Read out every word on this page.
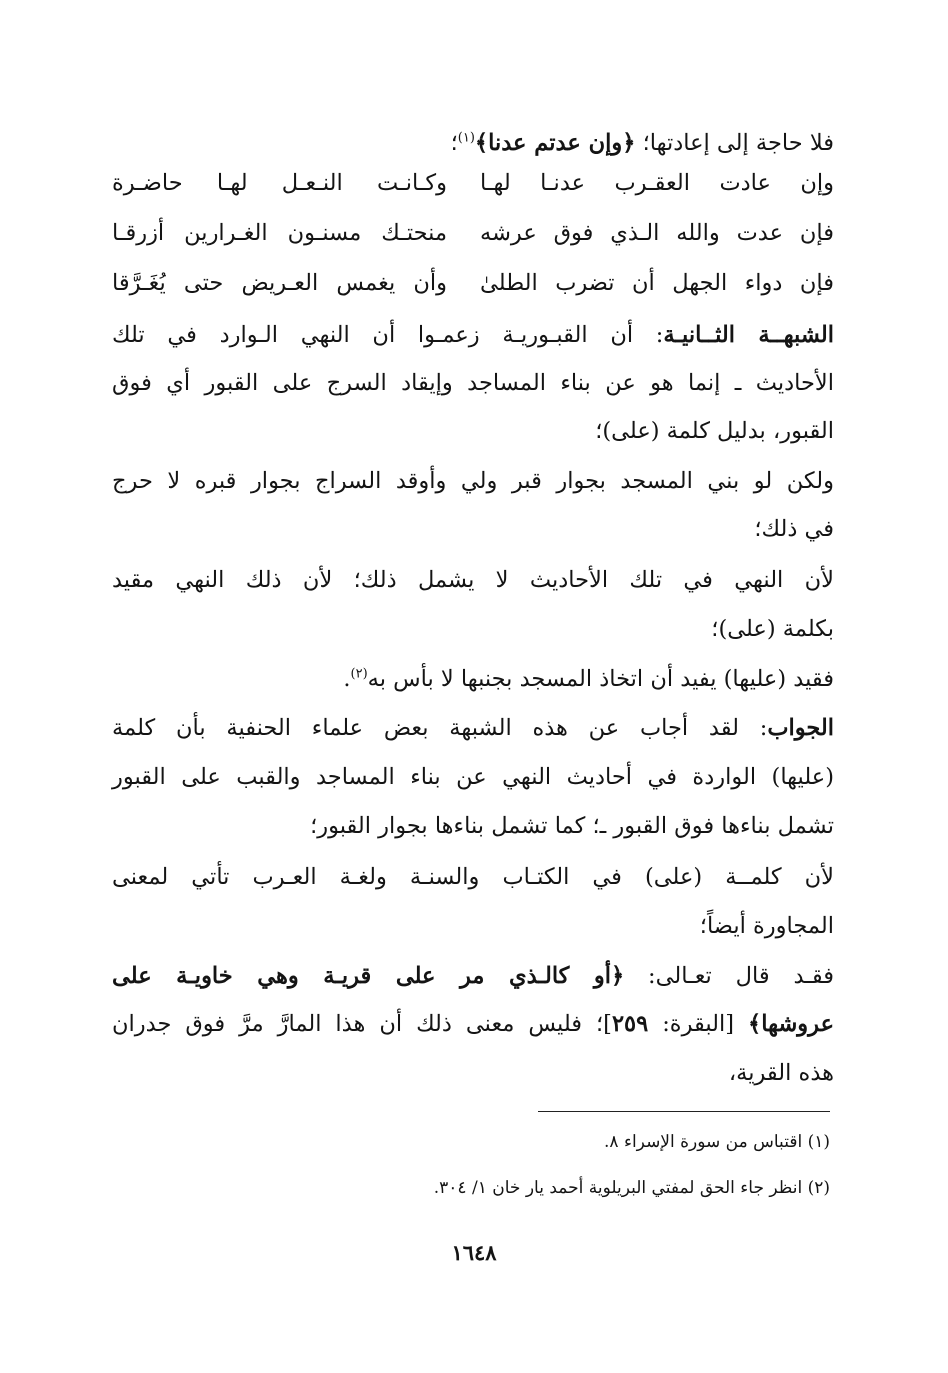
فلا حاجة إلى إعادتها؛ ﴿وإن عدتم عدنا﴾$^{(١)}$؛
وإن عادت العقـرب عدنـا لهـا
وكـانـت النـعـل لهـا حاضـرة
فإن عدت والله الـذي فوق عرشه
منحتـك مسنـون الغـرارين أزرقـا
فإن دواء الجهل أن تضرب الطلىٰ
وأن يغمس العـريض حتى يُغَـرَّقا
الشبهــة الثــانيـة: أن القبـوريـة زعمـوا أن النهي الـوارد في تلك
الأحاديث ـ إنما هو عن بناء المساجد وإيقاد السرج على القبور أي فوق
القبور، بدليل كلمة (على)؛
ولكن لو بني المسجد بجوار قبر ولي وأوقد السراج بجوار قبره لا حرج
في ذلك؛
لأن النهي في تلك الأحاديث لا يشمل ذلك؛ لأن ذلك النهي مقيد
بكلمة (على)؛
فقيد (عليها) يفيد أن اتخاذ المسجد بجنبها لا بأس به$^{(٢)}$.
الجواب: لقد أجاب عن هذه الشبهة بعض علماء الحنفية بأن كلمة
(عليها) الواردة في أحاديث النهي عن بناء المساجد والقبب على القبور
تشمل بناءها فوق القبور ـ؛ كما تشمل بناءها بجوار القبور؛
لأن كلمــة (على) في الكتـاب والسنـة ولغـة العـرب تأتي لمعنى
المجاورة أيضاً؛
فقـد قال تعـالى: ﴿أو كالـذي مر على قريـة وهي خاويـة على
عروشها﴾ [البقرة: ٢٥٩]؛ فليس معنى ذلك أن هذا المارَّ مرَّ فوق جدران
هذه القرية،
(١) اقتباس من سورة الإسراء ٨.
(٢) انظر جاء الحق لمفتي البريلوية أحمد يار خان ١/ ٣٠٤.
١٦٤٨
